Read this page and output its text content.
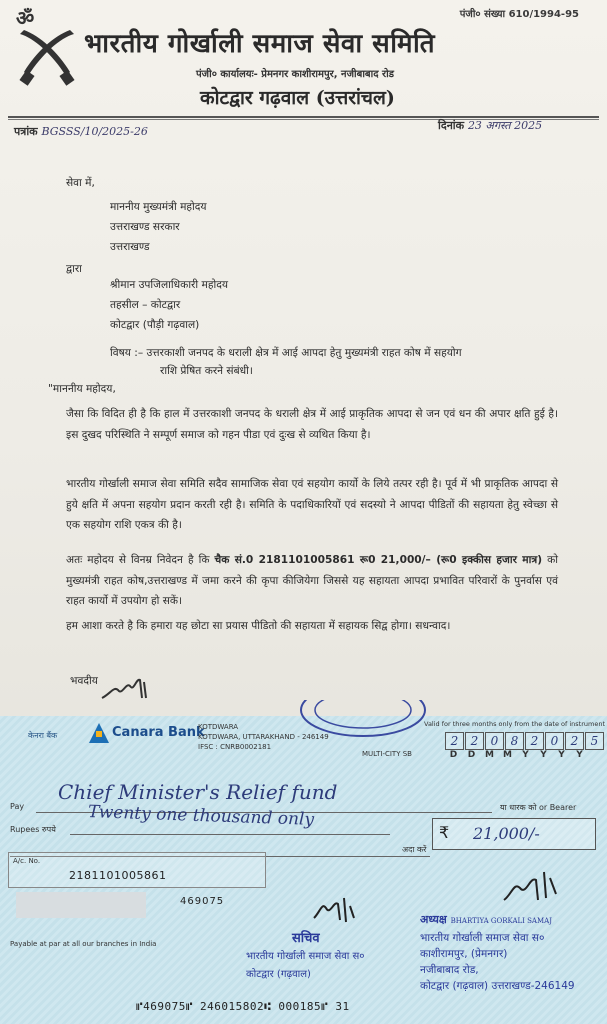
ॐ	पंजी० संख्या 610/1994-95
भारतीय गोर्खाली समाज सेवा समिति
पंजी० कार्यालयः- प्रेमनगर काशीरामपुर, नजीबाबाद रोड
कोटद्वार गढ़वाल (उत्तरांचल)
पत्रांक BGSSS/10/2025-26	दिनांक 23 अगस्त 2025
सेवा में,
माननीय मुख्यमंत्री महोदय
उत्तराखण्ड सरकार
उत्तराखण्ड
द्वारा
श्रीमान उपजिलाधिकारी महोदय
तहसील – कोटद्वार
कोटद्वार (पौड़ी गढ़वाल)
विषय :– उत्तरकाशी जनपद के धराली क्षेत्र में आई आपदा हेतु मुख्यमंत्री राहत कोष में सहयोग
राशि प्रेषित करने संबंधी।
"माननीय महोदय,
जैसा कि विदित ही है कि हाल में उत्तरकाशी जनपद के धराली क्षेत्र में आई प्राकृतिक आपदा से जन एवं धन की अपार क्षति हुई है। इस दुखद परिस्थिति ने सम्पूर्ण समाज को गहन पीडा एवं दुःख से व्यथित किया है।
भारतीय गोर्खाली समाज सेवा समिति सदैव सामाजिक सेवा एवं सहयोग कार्यो के लिये तत्पर रही है। पूर्व में भी प्राकृतिक आपदा से हुये क्षति में अपना सहयोग प्रदान करती रही है। समिति के पदाधिकारियों एवं सदस्यो ने आपदा पीडितों की सहायता हेतु स्वेच्छा से एक सहयोग राशि एकत्र की है।
अतः महोदय से विनम्र निवेदन है कि चैक सं.0 2181101005861 रू0 21,000/– (रू0 इक्कीस हजार मात्र) को मुख्यमंत्री राहत कोष,उत्तराखण्ड में जमा करने की कृपा कीजियेगा जिससे यह सहायता आपदा प्रभावित परिवारों के पुनर्वास एवं राहत कार्यो में उपयोग हो सकें।
हम आशा करते है कि हमारा यह छोटा सा प्रयास पीडितो की सहायता में सहायक सिद्व होगा। सधन्वाद।
भवदीय
केनरा बैंक	Canara Bank
KOTDWARA
KOTDWARA, UTTARAKHAND - 246149
IFSC : CNRB0002181
Valid for three months only from the date of instrument
MULTI-CITY SB
2	2	0	8	2	0	2	5
D	D	M	M	Y	Y	Y	Y
Chief Minister's Relief fund
Pay	या धारक को or Bearer
Twenty one thousand only
Rupees रुपये
अदा करें
₹ 21,000/-
A/c. No.
2181101005861
469075
Payable at par at all our branches in India	सचिव
भारतीय गोर्खाली समाज सेवा स०
कोटद्वार (गढ़वाल)
अध्यक्ष BHARTIYA GORKALI SAMAJ
भारतीय गोर्खाली समाज सेवा स०
काशीरामपुर, (प्रेमनगर)
नजीबाबाद रोड,
कोटद्वार (गढ़वाल) उत्तराखण्ड-246149
⑈469075⑈ 246015802⑆ 000185⑈ 31
